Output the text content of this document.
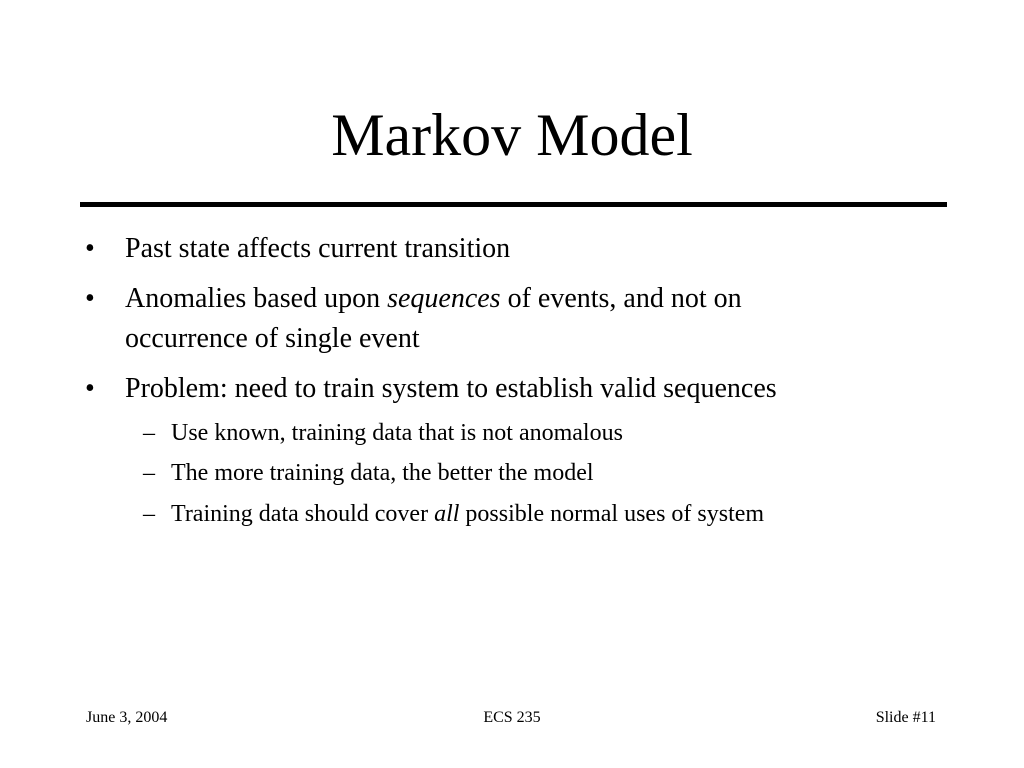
Markov Model
• Past state affects current transition
• Anomalies based upon sequences of events, and not on
occurrence of single event
• Problem: need to train system to establish valid sequences
– Use known, training data that is not anomalous
– The more training data, the better the model
– Training data should cover all possible normal uses of system
June 3, 2004	ECS 235	Slide #11
